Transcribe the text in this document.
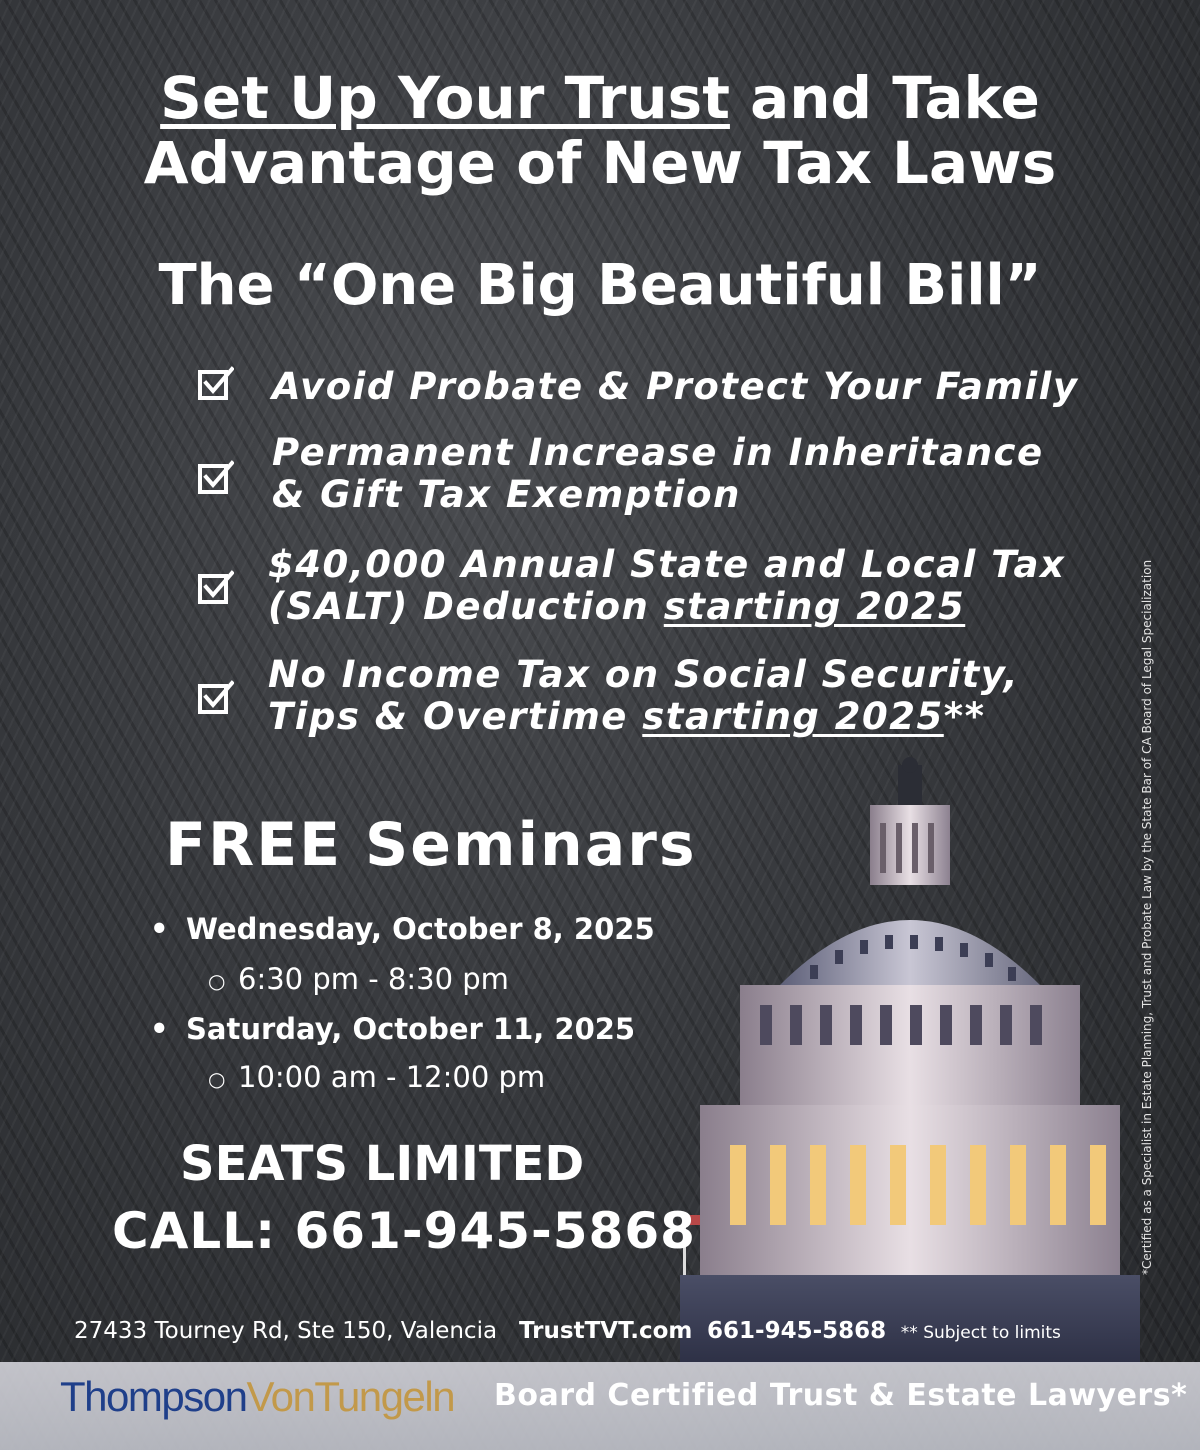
Set Up Your Trust and Take
Advantage of New Tax Laws
The “One Big Beautiful Bill”
Avoid Probate & Protect Your Family
Permanent Increase in Inheritance
& Gift Tax Exemption
$40,000 Annual State and Local Tax
(SALT) Deduction starting 2025
No Income Tax on Social Security,
Tips & Overtime starting 2025**
FREE Seminars
• Wednesday, October 8, 2025
○ 6:30 pm - 8:30 pm
• Saturday, October 11, 2025
○ 10:00 am - 12:00 pm
SEATS LIMITED
CALL: 661-945-5868	*Certified as a Specialist in Estate Planning, Trust and Probate Law by the State Bar of CA Board of Legal Specialization
27433 Tourney Rd, Ste 150, Valencia TrustTVT.com 661-945-5868 ** Subject to limits
ThompsonVonTungeln Board Certified Trust & Estate Lawyers*
